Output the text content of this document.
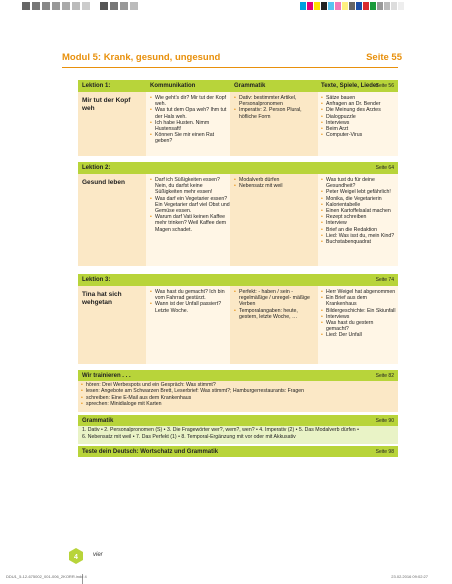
Modul 5: Krank, gesund, ungesund	Seite 55
Lektion 1:	Kommunikation	Grammatik	Texte, Spiele, Lieder
Seite 56
Mir tut der Kopf weh
• Wie geht’s dir? Mir tut der Kopf weh.
• Was tut dem Opa weh? Ihm tut der Hals weh.
• Ich habe Husten. Nimm Hustensaft!
• Können Sie mir einen Rat geben?
• Dativ: bestimmter Artikel, Personalpronomen
• Imperativ: 2. Person Plural, höfliche Form
• Sätze bauen
• Anfragen an Dr. Bender
• Die Meinung des Arztes
• Dialogpuzzle
• Interviews
• Beim Arzt
• Computer-Virus
Lektion 2:	Seite 64
Gesund leben
•	Darf ich Süßigkeiten essen? Nein, du darfst keine Süßigkeiten mehr essen!
• Was darf ein Vegetarier essen? Ein Vegetarier darf viel Obst und Gemüse essen.
• Warum darf Vati keinen Kaffee mehr trinken? Weil Kaffee dem Magen schadet.
• Modalverb dürfen
• Nebensatz mit weil
• Was tust du für deine Gesundheit?
• Peter Weigel lebt gefährlich!
• Monika, die Vegetarierin
• Kalorientabelle
• Einen Kartoffelsalat machen
• Rezept schreiben
• Interview
• Brief an die Redaktion
• Lied: Was isst du, mein Kind?
• Buchstabenquadrat
Lektion 3:	Seite 74
Tina hat sich wehgetan
• Was hast du gemacht? Ich bin vom Fahrrad gestürzt.
• Wann ist der Unfall passiert? Letzte Woche.
• Perfekt: - haben / sein - regelmäßige / unregel- mäßige Verben
• Temporalangaben: heute, gestern, letzte Woche, …
• Herr Weigel hat abgenommen
• Ein Brief aus dem Krankenhaus
• Bildergeschichte: Ein Skiunfall
• Interviews
• Was hast du gestern gemacht?
• Lied: Der Unfall
Wir trainieren . . .	Seite 82
• hören: Drei Werbespots und ein Gespräch: Was stimmt?
• lesen: Angebote am Schwarzen Brett, Leserbrief: Was stimmt?; Hamburgerrestaurants: Fragen
• schreiben: Eine E-Mail aus dem Krankenhaus
• sprechen: Minidialoge mit Karten
Grammatik	Seite 90
1. Dativ • 2. Personalpronomen (S) • 3. Die Fragewörter wer?, wem?, wen? • 4. Imperativ (2) • 5. Das Modalverb dürfen •
6. Nebensatz mit weil • 7. Das Perfekt (1) • 8. Temporal-Ergänzung mit vor oder mit Akkusativ
Teste dein Deutsch: Wortschatz und Grammatik	Seite 98
4	vier
DDU1_5-12-675002_001-006_2KORR.indd 4	23.02.2016 09:02:27
